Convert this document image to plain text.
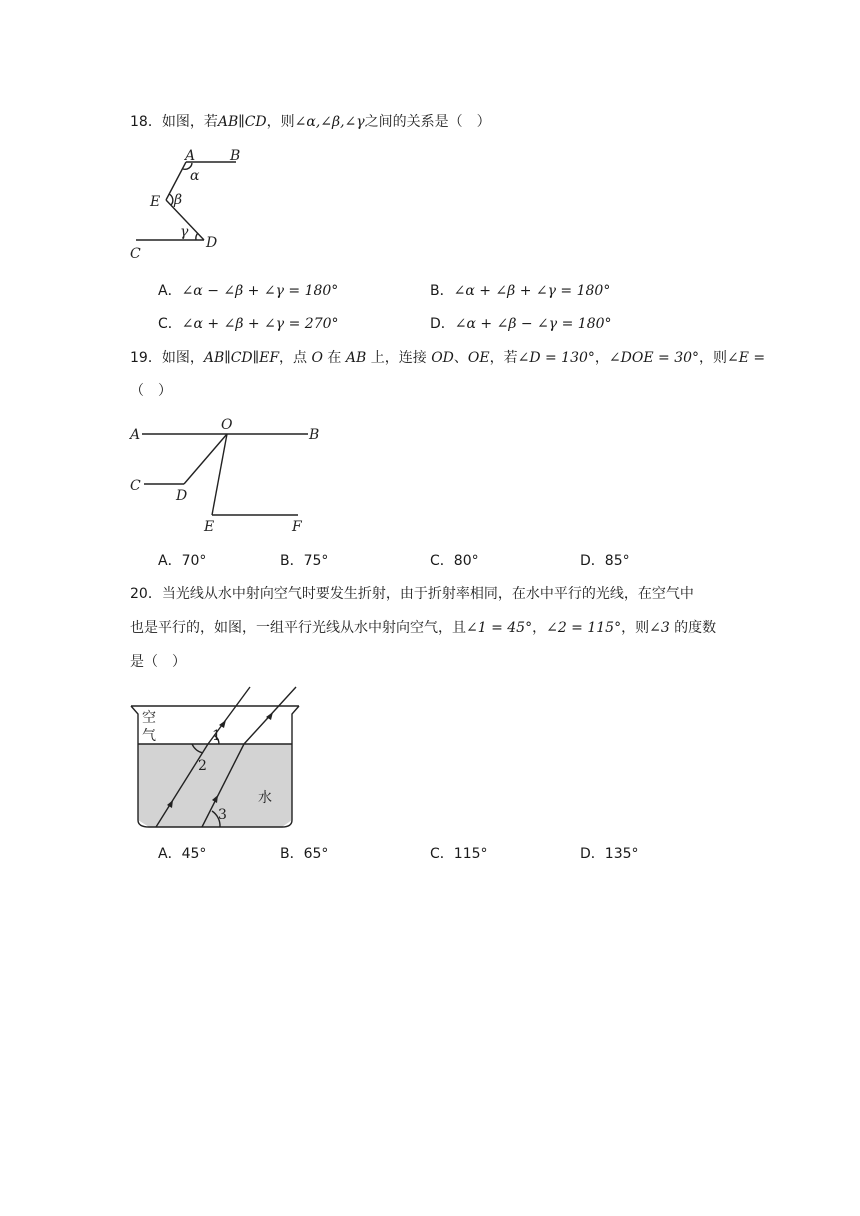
18．如图，若AB∥CD，则∠α,∠β,∠γ之间的关系是（　）
A B
E
C
D
α
β
γ
A．∠α − ∠β + ∠γ = 180°	B．∠α + ∠β + ∠γ = 180°
C．∠α + ∠β + ∠γ = 270°	D．∠α + ∠β − ∠γ = 180°
19．如图，AB∥CD∥EF，点 O 在 AB 上，连接 OD、OE，若∠D = 130°，∠DOE = 30°，则∠E =
（　）
A
O
B
C
D
E	F
A．70°	B．75°	C．80°	D．85°
20．当光线从水中射向空气时要发生折射，由于折射率相同，在水中平行的光线，在空气中
也是平行的，如图，一组平行光线从水中射向空气，且∠1 = 45°，∠2 = 115°，则∠3 的度数
是（　）
空
气
水
1
2
3
A．45°	B．65°	C．115°	D．135°
